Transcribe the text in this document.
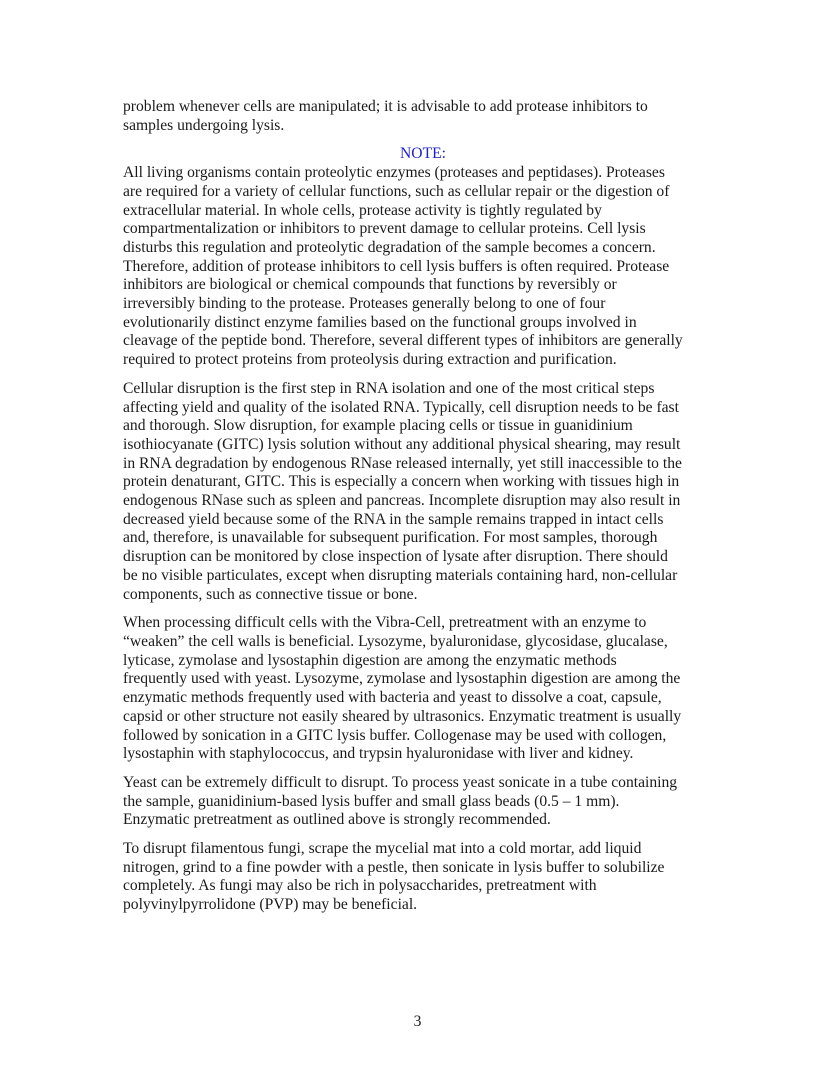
problem whenever cells are manipulated; it is advisable to add protease inhibitors to
samples undergoing lysis.

NOTE:

All living organisms contain proteolytic enzymes (proteases and peptidases). Proteases
are required for a variety of cellular functions, such as cellular repair or the digestion of
extracellular material. In whole cells, protease activity is tightly regulated by
compartmentalization or inhibitors to prevent damage to cellular proteins. Cell lysis
disturbs this regulation and proteolytic degradation of the sample becomes a concern.
Therefore, addition of protease inhibitors to cell lysis buffers is often required. Protease
inhibitors are biological or chemical compounds that functions by reversibly or
irreversibly binding to the protease. Proteases generally belong to one of four
evolutionarily distinct enzyme families based on the functional groups involved in
cleavage of the peptide bond. Therefore, several different types of inhibitors are generally
required to protect proteins from proteolysis during extraction and purification.

Cellular disruption is the first step in RNA isolation and one of the most critical steps
affecting yield and quality of the isolated RNA. Typically, cell disruption needs to be fast
and thorough. Slow disruption, for example placing cells or tissue in guanidinium
isothiocyanate (GITC) lysis solution without any additional physical shearing, may result
in RNA degradation by endogenous RNase released internally, yet still inaccessible to the
protein denaturant, GITC. This is especially a concern when working with tissues high in
endogenous RNase such as spleen and pancreas. Incomplete disruption may also result in
decreased yield because some of the RNA in the sample remains trapped in intact cells
and, therefore, is unavailable for subsequent purification. For most samples, thorough
disruption can be monitored by close inspection of lysate after disruption. There should
be no visible particulates, except when disrupting materials containing hard, non-cellular
components, such as connective tissue or bone.

When processing difficult cells with the Vibra-Cell, pretreatment with an enzyme to
“weaken” the cell walls is beneficial. Lysozyme, byaluronidase, glycosidase, glucalase,
lyticase, zymolase and lysostaphin digestion are among the enzymatic methods
frequently used with yeast. Lysozyme, zymolase and lysostaphin digestion are among the
enzymatic methods frequently used with bacteria and yeast to dissolve a coat, capsule,
capsid or other structure not easily sheared by ultrasonics. Enzymatic treatment is usually
followed by sonication in a GITC lysis buffer. Collogenase may be used with collogen,
lysostaphin with staphylococcus, and trypsin hyaluronidase with liver and kidney.

Yeast can be extremely difficult to disrupt. To process yeast sonicate in a tube containing
the sample, guanidinium-based lysis buffer and small glass beads (0.5 – 1 mm).
Enzymatic pretreatment as outlined above is strongly recommended.

To disrupt filamentous fungi, scrape the mycelial mat into a cold mortar, add liquid
nitrogen, grind to a fine powder with a pestle, then sonicate in lysis buffer to solubilize
completely. As fungi may also be rich in polysaccharides, pretreatment with
polyvinylpyrrolidone (PVP) may be beneficial.

3
